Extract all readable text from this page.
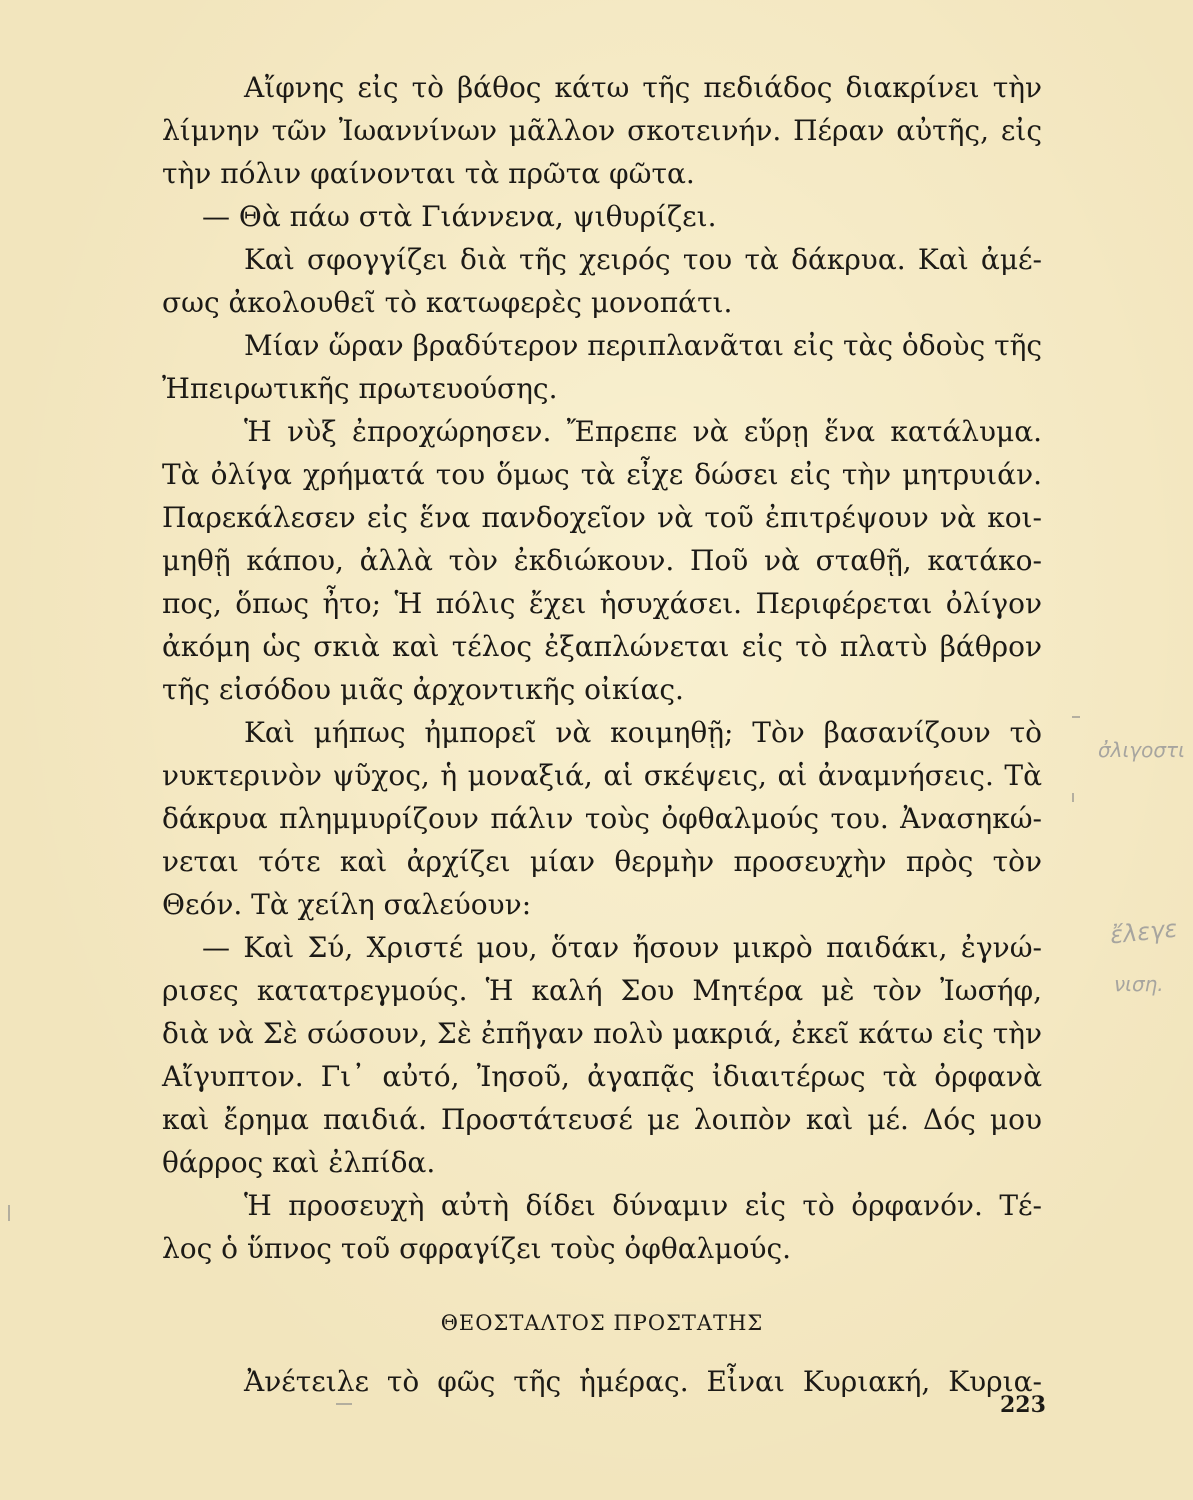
Αἴφνης εἰς τὸ βάθος κάτω τῆς πεδιάδος διακρίνει τὴν
λίμνην τῶν Ἰωαννίνων μᾶλλον σκοτεινήν. Πέραν αὐτῆς, εἰς
τὴν πόλιν φαίνονται τὰ πρῶτα φῶτα.
— Θὰ πάω στὰ Γιάννενα, ψιθυρίζει.
Καὶ σφογγίζει διὰ τῆς χειρός του τὰ δάκρυα. Καὶ ἀμέ-
σως ἀκολουθεῖ τὸ κατωφερὲς μονοπάτι.
Μίαν ὥραν βραδύτερον περιπλανᾶται εἰς τὰς ὁδοὺς τῆς
Ἠπειρωτικῆς πρωτευούσης.
Ἡ νὺξ ἐπροχώρησεν. Ἔπρεπε νὰ εὕρῃ ἕνα κατάλυμα.
Τὰ ὀλίγα χρήματά του ὅμως τὰ εἶχε δώσει εἰς τὴν μητρυιάν.
Παρεκάλεσεν εἰς ἕνα πανδοχεῖον νὰ τοῦ ἐπιτρέψουν νὰ κοι-
μηθῇ κάπου, ἀλλὰ τὸν ἐκδιώκουν. Ποῦ νὰ σταθῇ, κατάκο-
πος, ὅπως ἦτο; Ἡ πόλις ἔχει ἡσυχάσει. Περιφέρεται ὀλίγον
ἀκόμη ὡς σκιὰ καὶ τέλος ἐξαπλώνεται εἰς τὸ πλατὺ βάθρον
τῆς εἰσόδου μιᾶς ἀρχοντικῆς οἰκίας.
Καὶ μήπως ἠμπορεῖ νὰ κοιμηθῇ; Τὸν βασανίζουν τὸ
νυκτερινὸν ψῦχος, ἡ μοναξιά, αἱ σκέψεις, αἱ ἀναμνήσεις. Τὰ
δάκρυα πλημμυρίζουν πάλιν τοὺς ὀφθαλμούς του. Ἀνασηκώ-
νεται τότε καὶ ἀρχίζει μίαν θερμὴν προσευχὴν πρὸς τὸν
Θεόν. Τὰ χείλη σαλεύουν:
— Καὶ Σύ, Χριστέ μου, ὅταν ἤσουν μικρὸ παιδάκι, ἐγνώ-
ρισες κατατρεγμούς. Ἡ καλή Σου Μητέρα μὲ τὸν Ἰωσήφ,
διὰ νὰ Σὲ σώσουν, Σὲ ἐπῆγαν πολὺ μακριά, ἐκεῖ κάτω εἰς τὴν
Αἴγυπτον. Γι᾿ αὐτό, Ἰησοῦ, ἀγαπᾷς ἰδιαιτέρως τὰ ὀρφανὰ
καὶ ἔρημα παιδιά. Προστάτευσέ με λοιπὸν καὶ μέ. Δός μου
θάρρος καὶ ἐλπίδα.
Ἡ προσευχὴ αὐτὴ δίδει δύναμιν εἰς τὸ ὀρφανόν. Τέ-
λος ὁ ὕπνος τοῦ σφραγίζει τοὺς ὀφθαλμούς.
ΘΕΟΣΤΑΛΤΟΣ ΠΡΟΣΤΑΤΗΣ
Ἀνέτειλε τὸ φῶς τῆς ἡμέρας. Εἶναι Κυριακή, Κυρια-
223
σ̓λιγοστι
ἔλεγε
νιση.
